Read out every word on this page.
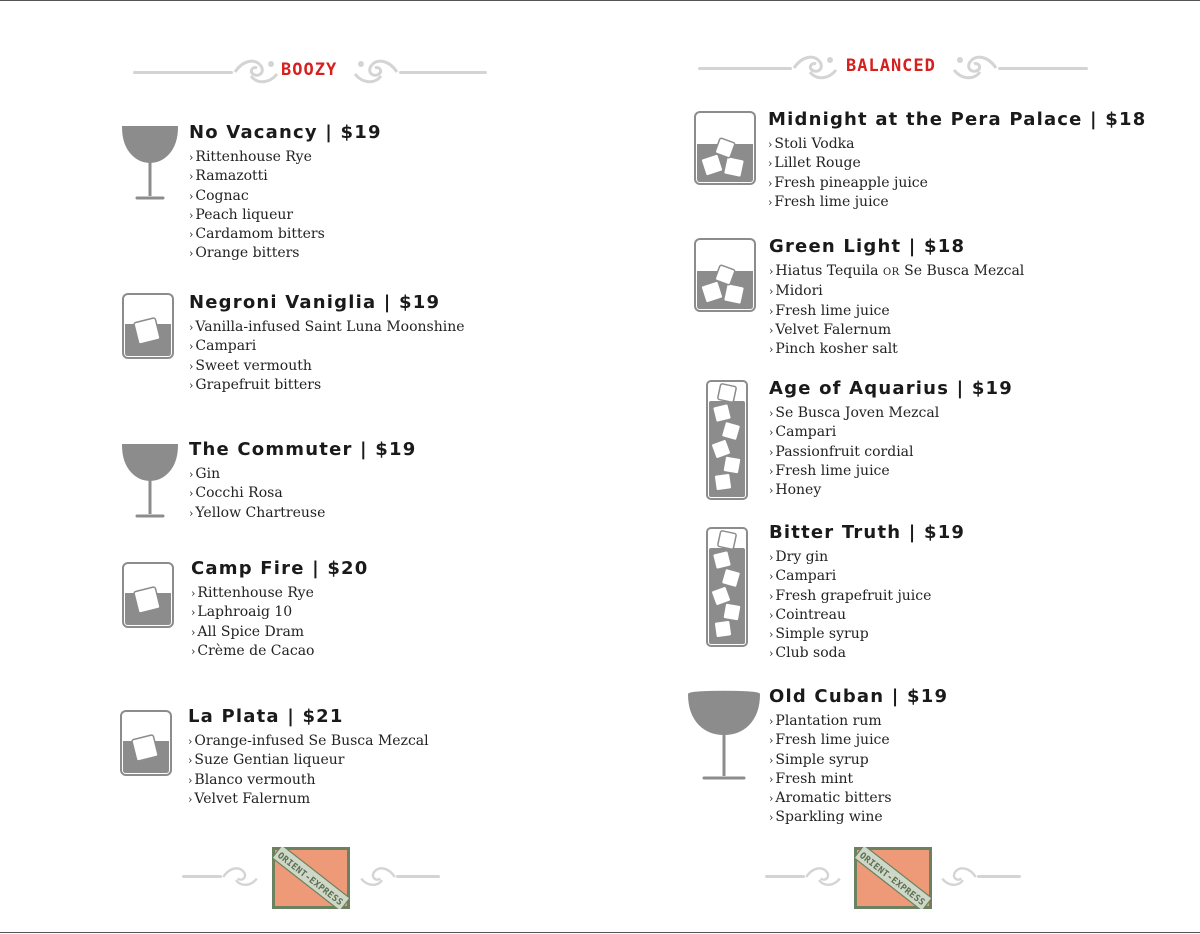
BOOZY	BALANCED
No Vacancy | $19
› Rittenhouse Rye
› Ramazotti
› Cognac
› Peach liqueur
› Cardamom bitters
› Orange bitters
Negroni Vaniglia | $19
› Vanilla-infused Saint Luna Moonshine
› Campari
› Sweet vermouth
› Grapefruit bitters
The Commuter | $19
› Gin
› Cocchi Rosa
› Yellow Chartreuse
Camp Fire | $20
› Rittenhouse Rye
› Laphroaig 10
› All Spice Dram
› Crème de Cacao
La Plata | $21
› Orange-infused Se Busca Mezcal
› Suze Gentian liqueur
› Blanco vermouth
› Velvet Falernum
Midnight at the Pera Palace | $18
› Stoli Vodka
› Lillet Rouge
› Fresh pineapple juice
› Fresh lime juice
Green Light | $18
› Hiatus Tequila OR Se Busca Mezcal
› Midori
› Fresh lime juice
› Velvet Falernum
› Pinch kosher salt
Age of Aquarius | $19
› Se Busca Joven Mezcal
› Campari
› Passionfruit cordial
› Fresh lime juice
› Honey
Bitter Truth | $19
› Dry gin
› Campari
› Fresh grapefruit juice
› Cointreau
› Simple syrup
› Club soda
Old Cuban | $19
› Plantation rum
› Fresh lime juice
› Simple syrup
› Fresh mint
› Aromatic bitters
› Sparkling wine
ORIENT-EXPRESS	ORIENT-EXPRESS
